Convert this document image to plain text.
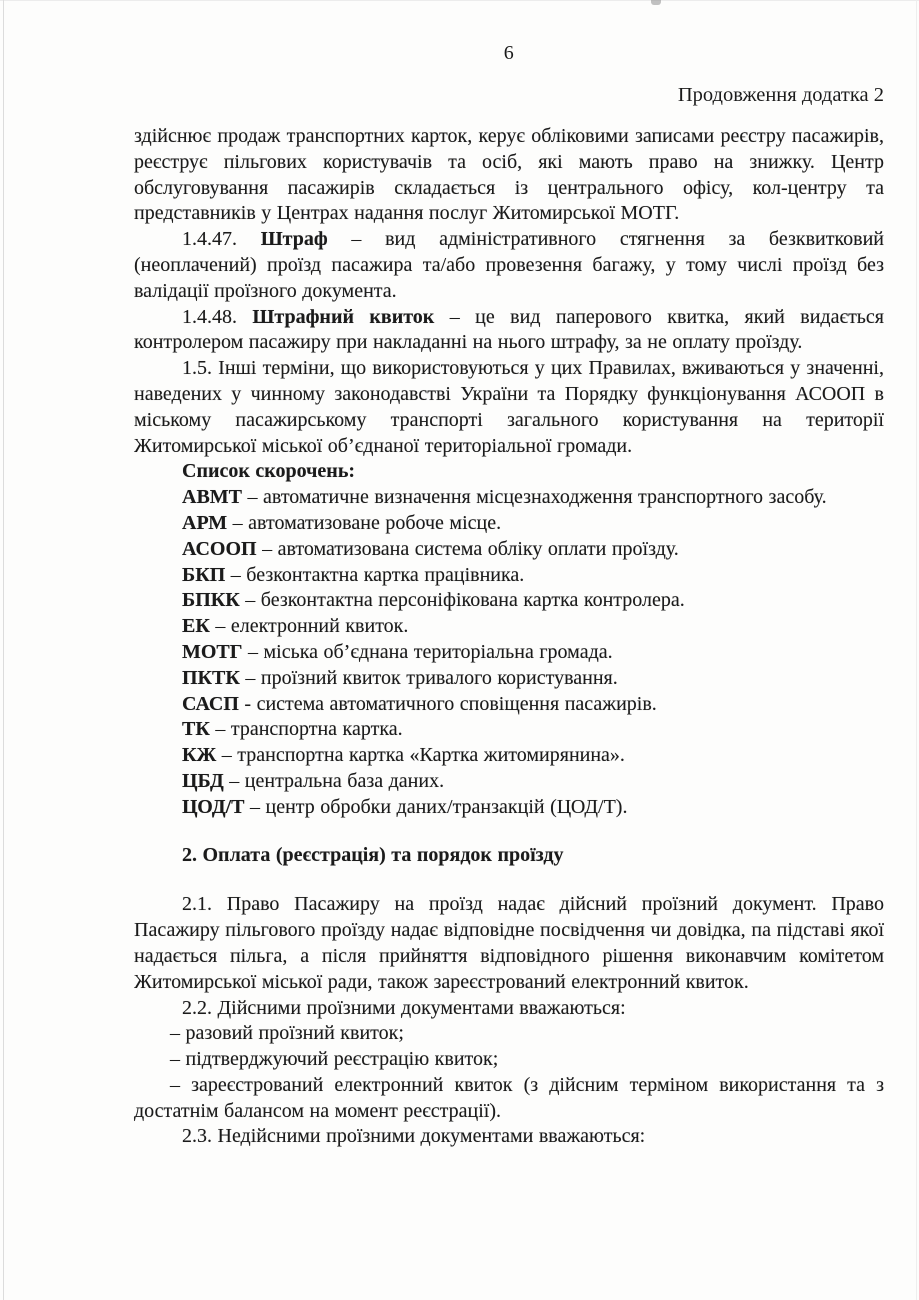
6
Продовження додатка 2

здійснює продаж транспортних карток, керує обліковими записами реєстру пасажирів, реєструє пільгових користувачів та осіб, які мають право на знижку. Центр обслуговування пасажирів складається із центрального офісу, кол-центру та представників у Центрах надання послуг Житомирської МОТГ.

1.4.47. Штраф – вид адміністративного стягнення за безквитковий (неоплачений) проїзд пасажира та/або провезення багажу, у тому числі проїзд без валідації проїзного документа.

1.4.48. Штрафний квиток – це вид паперового квитка, який видається контролером пасажиру при накладанні на нього штрафу, за не оплату проїзду.

1.5. Інші терміни, що використовуються у цих Правилах, вживаються у значенні, наведених у чинному законодавстві України та Порядку функціонування АСООП в міському пасажирському транспорті загального користування на території Житомирської міської об’єднаної територіальної громади.

Список скорочень:

АВМТ – автоматичне визначення місцезнаходження транспортного засобу.

АРМ – автоматизоване робоче місце.

АСООП – автоматизована система обліку оплати проїзду.

БКП – безконтактна картка працівника.

БПКК – безконтактна персоніфікована картка контролера.

ЕК – електронний квиток.

МОТГ – міська об’єднана територіальна громада.

ПКТК – проїзний квиток тривалого користування.

САСП - система автоматичного сповіщення пасажирів.

ТК – транспортна картка.

КЖ – транспортна картка «Картка житомирянина».

ЦБД – центральна база даних.

ЦОД/Т – центр обробки даних/транзакцій (ЦОД/Т).

2. Оплата (реєстрація) та порядок проїзду

2.1. Право Пасажиру на проїзд надає дійсний проїзний документ. Право Пасажиру пільгового проїзду надає відповідне посвідчення чи довідка, па підставі якої надається пільга, а після прийняття відповідного рішення виконавчим комітетом Житомирської міської ради, також зареєстрований електронний квиток.

2.2. Дійсними проїзними документами вважаються:

– разовий проїзний квиток;

– підтверджуючий реєстрацію квиток;

– зареєстрований електронний квиток (з дійсним терміном використання та з достатнім балансом на момент реєстрації).

2.3. Недійсними проїзними документами вважаються:
